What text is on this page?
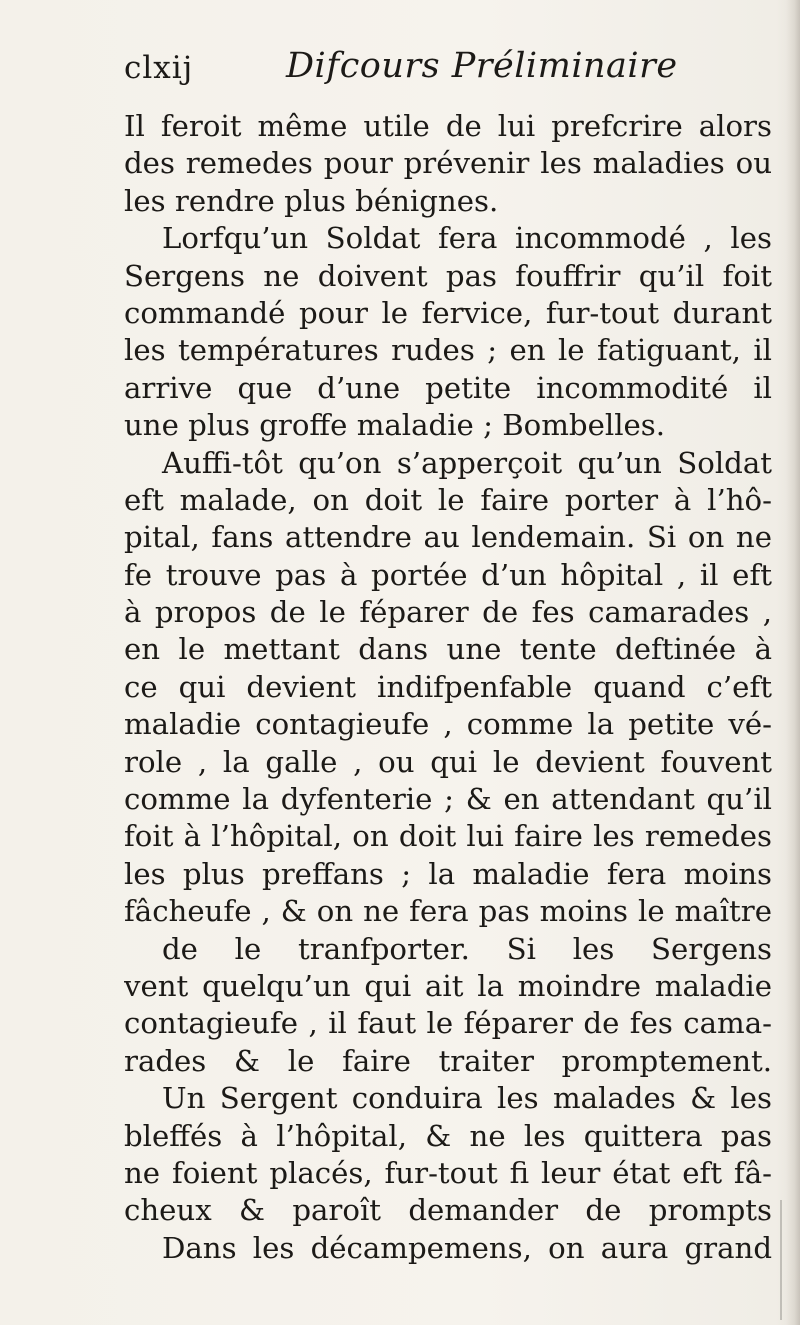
clxij	Difcours Préliminaire
Il feroit même utile de lui prefcrire alors
des remedes pour prévenir les maladies ou
les rendre plus bénignes.
Lorfqu’un Soldat fera incommodé , les
Sergens ne doivent pas fouffrir qu’il foit
commandé pour le fervice, fur-tout durant
les températures rudes ; en le fatiguant, il
arrive que d’une petite incommodité il
une plus groffe maladie ; Bombelles.
Auffi-tôt qu’on s’apperçoit qu’un Soldat
eft malade, on doit le faire porter à l’hô-
pital, fans attendre au lendemain. Si on ne
fe trouve pas à portée d’un hôpital , il eft
à propos de le féparer de fes camarades ,
en le mettant dans une tente deftinée à
ce qui devient indifpenfable quand c’eft
maladie contagieufe , comme la petite vé-
role , la galle , ou qui le devient fouvent
comme la dyfenterie ; & en attendant qu’il
foit à l’hôpital, on doit lui faire les remedes
les plus preffans ; la maladie fera moins
fâcheufe , & on ne fera pas moins le maître
de le tranfporter. Si les Sergens
vent quelqu’un qui ait la moindre maladie
contagieufe , il faut le féparer de fes cama-
rades & le faire traiter promptement.
Un Sergent conduira les malades & les
bleffés à l’hôpital, & ne les quittera pas
ne foient placés, fur-tout fi leur état eft fâ-
cheux & paroît demander de prompts
Dans les décampemens, on aura grand
